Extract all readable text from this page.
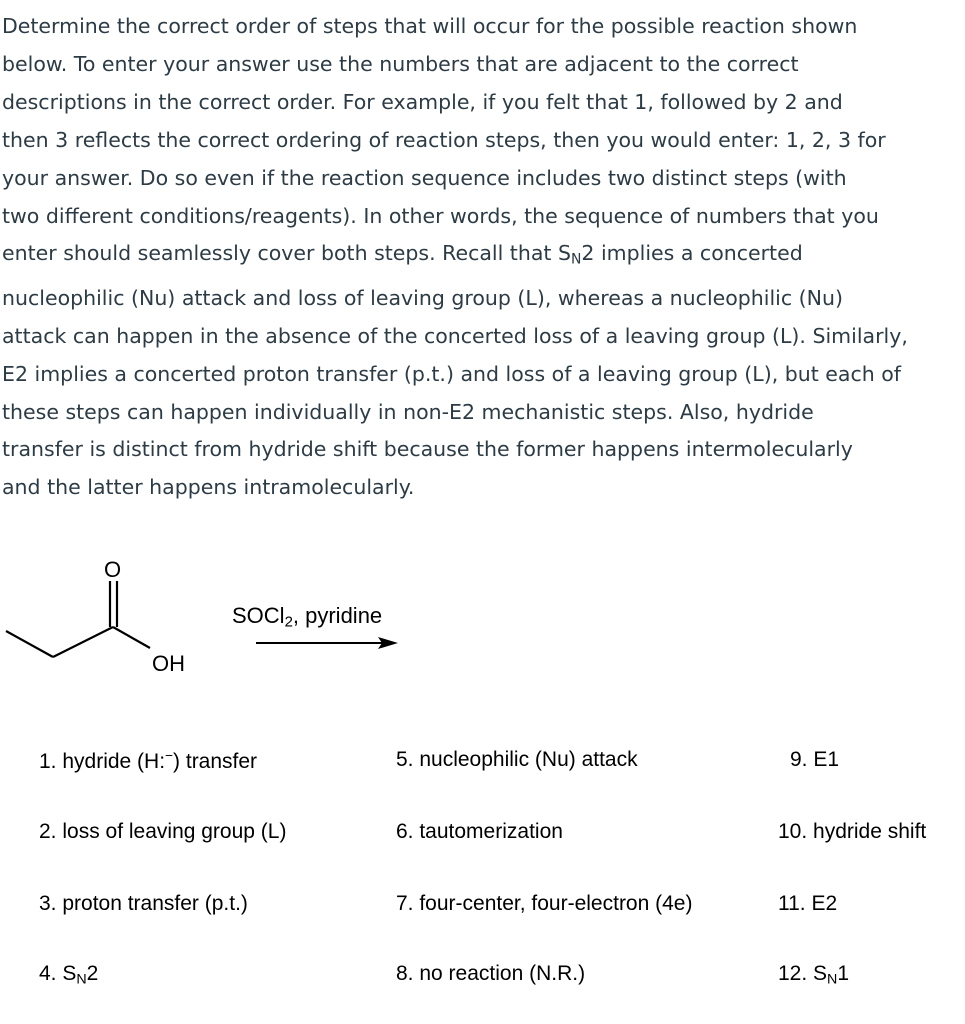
Determine the correct order of steps that will occur for the possible reaction shown
below. To enter your answer use the numbers that are adjacent to the correct
descriptions in the correct order. For example, if you felt that 1, followed by 2 and
then 3 reflects the correct ordering of reaction steps, then you would enter: 1, 2, 3 for
your answer. Do so even if the reaction sequence includes two distinct steps (with
two different conditions/reagents). In other words, the sequence of numbers that you
enter should seamlessly cover both steps. Recall that $S_N2$ implies a concerted
nucleophilic (Nu) attack and loss of leaving group (L), whereas a nucleophilic (Nu)
attack can happen in the absence of the concerted loss of a leaving group (L). Similarly,
E2 implies a concerted proton transfer (p.t.) and loss of a leaving group (L), but each of
these steps can happen individually in non-E2 mechanistic steps. Also, hydride
transfer is distinct from hydride shift because the former happens intermolecularly
and the latter happens intramolecularly.
O
OH
SOCl$_2$, pyridine
1. hydride (H:−) transfer
2. loss of leaving group (L)
3. proton transfer (p.t.)
4. $S_N2$
5. nucleophilic (Nu) attack
6. tautomerization
7. four-center, four-electron (4e)
8. no reaction (N.R.)
9. E1
10. hydride shift
11. E2
12. $S_N1$
